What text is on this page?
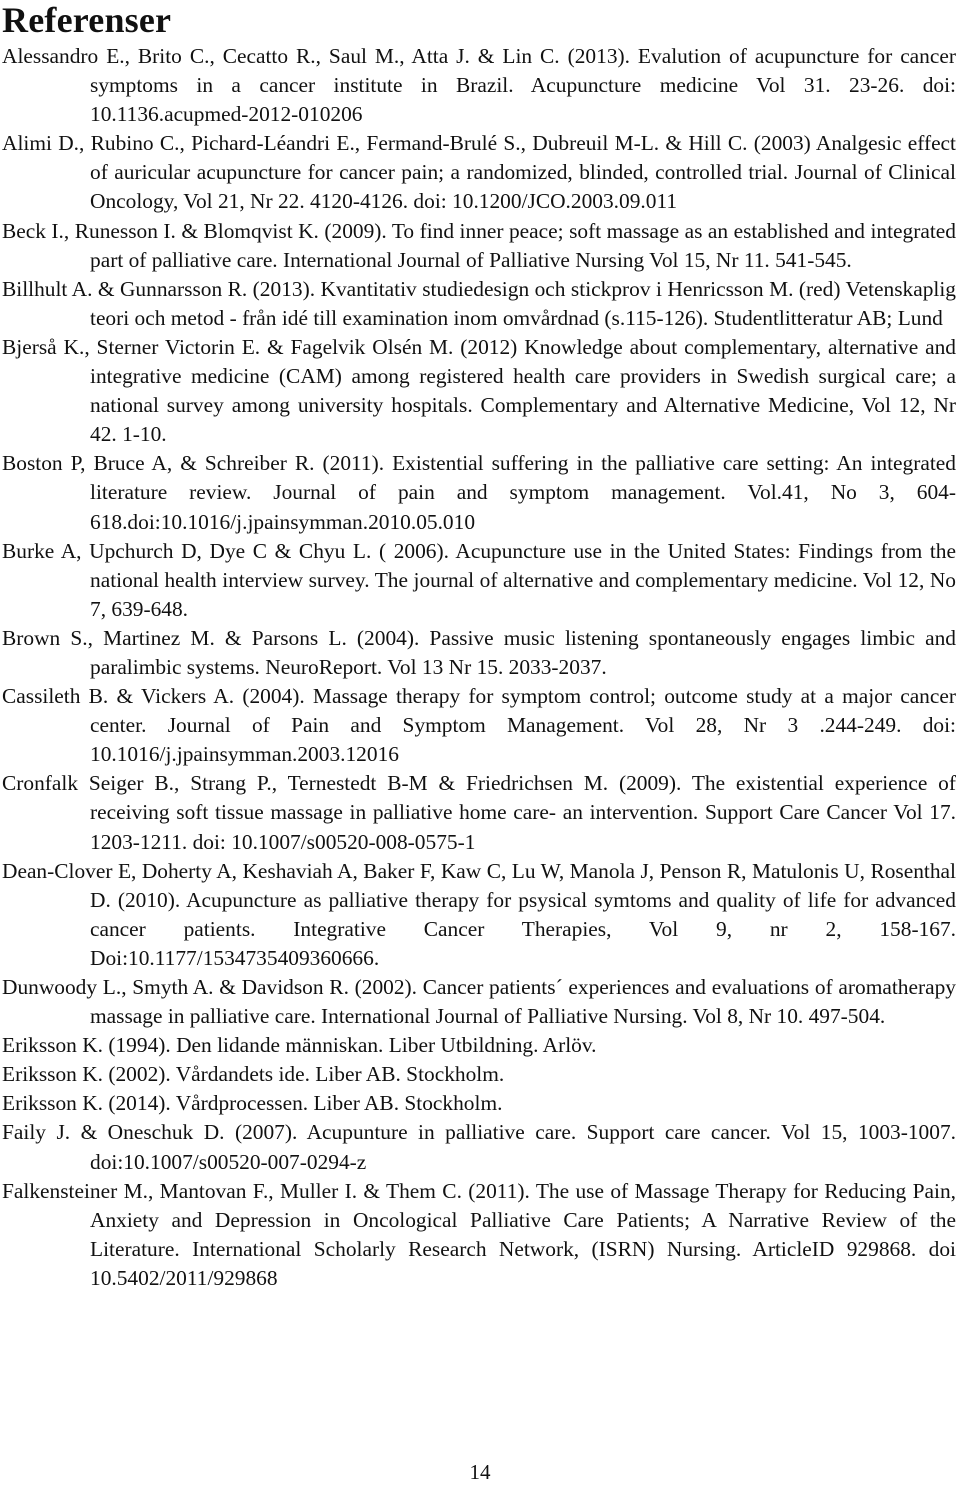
Referenser
Alessandro E., Brito C., Cecatto R., Saul M., Atta J. & Lin C. (2013). Evalution of acupuncture for cancer symptoms in a cancer institute in Brazil. Acupuncture medicine Vol 31. 23-26. doi: 10.1136.acupmed-2012-010206
Alimi D., Rubino C., Pichard-Léandri E., Fermand-Brulé S., Dubreuil M-L. & Hill C. (2003) Analgesic effect of auricular acupuncture for cancer pain; a randomized, blinded, controlled trial. Journal of Clinical Oncology, Vol 21, Nr 22. 4120-4126. doi: 10.1200/JCO.2003.09.011
Beck I., Runesson I. & Blomqvist K. (2009). To find inner peace; soft massage as an established and integrated part of palliative care. International Journal of Palliative Nursing Vol 15, Nr 11. 541-545.
Billhult A. & Gunnarsson R. (2013). Kvantitativ studiedesign och stickprov i Henricsson M. (red) Vetenskaplig teori och metod - från idé till examination inom omvårdnad (s.115-126). Studentlitteratur AB; Lund
Bjerså K., Sterner Victorin E. & Fagelvik Olsén M. (2012) Knowledge about complementary, alternative and integrative medicine (CAM) among registered health care providers in Swedish surgical care; a national survey among university hospitals. Complementary and Alternative Medicine, Vol 12, Nr 42. 1-10.
Boston P, Bruce A, & Schreiber R. (2011). Existential suffering in the palliative care setting: An integrated literature review. Journal of pain and symptom management. Vol.41, No 3, 604-618.doi:10.1016/j.jpainsymman.2010.05.010
Burke A, Upchurch D, Dye C & Chyu L. ( 2006). Acupuncture use in the United States: Findings from the national health interview survey. The journal of alternative and complementary medicine. Vol 12, No 7, 639-648.
Brown S., Martinez M. & Parsons L. (2004). Passive music listening spontaneously engages limbic and paralimbic systems. NeuroReport. Vol 13 Nr 15. 2033-2037.
Cassileth B. & Vickers A. (2004). Massage therapy for symptom control; outcome study at a major cancer center. Journal of Pain and Symptom Management. Vol 28, Nr 3 .244-249. doi: 10.1016/j.jpainsymman.2003.12016
Cronfalk Seiger B., Strang P., Ternestedt B-M & Friedrichsen M. (2009). The existential experience of receiving soft tissue massage in palliative home care- an intervention. Support Care Cancer Vol 17. 1203-1211. doi: 10.1007/s00520-008-0575-1
Dean-Clover E, Doherty A, Keshaviah A, Baker F, Kaw C, Lu W, Manola J, Penson R, Matulonis U, Rosenthal D. (2010). Acupuncture as palliative therapy for psysical symtoms and quality of life for advanced cancer patients. Integrative Cancer Therapies, Vol 9, nr 2, 158-167. Doi:10.1177/1534735409360666.
Dunwoody L., Smyth A. & Davidson R. (2002). Cancer patients´ experiences and evaluations of aromatherapy massage in palliative care. International Journal of Palliative Nursing. Vol 8, Nr 10. 497-504.
Eriksson K. (1994). Den lidande människan. Liber Utbildning. Arlöv.
Eriksson K. (2002). Vårdandets ide. Liber AB. Stockholm.
Eriksson K. (2014). Vårdprocessen. Liber AB. Stockholm.
Faily J. & Oneschuk D. (2007). Acupunture in palliative care. Support care cancer. Vol 15, 1003-1007. doi:10.1007/s00520-007-0294-z
Falkensteiner M., Mantovan F., Muller I. & Them C. (2011). The use of Massage Therapy for Reducing Pain, Anxiety and Depression in Oncological Palliative Care Patients; A Narrative Review of the Literature. International Scholarly Research Network, (ISRN) Nursing. ArticleID 929868. doi 10.5402/2011/929868
14
